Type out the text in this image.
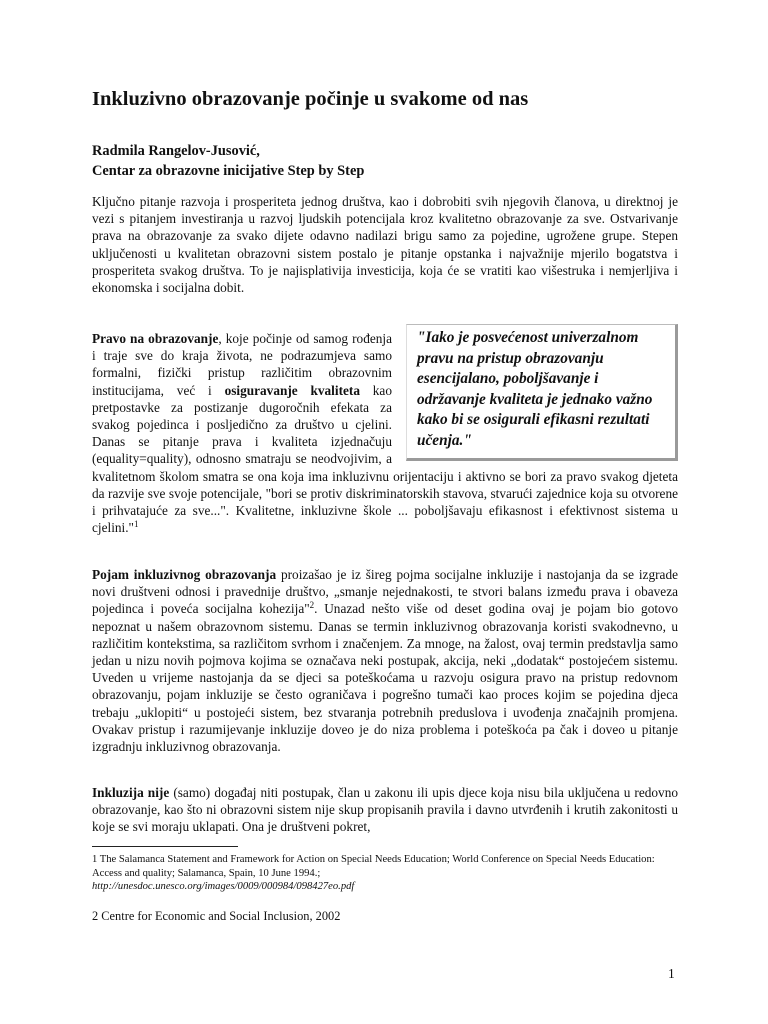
Inkluzivno obrazovanje počinje u svakome od nas
Radmila Rangelov-Jusović,
Centar za obrazovne inicijative Step by Step

Ključno pitanje razvoja i prosperiteta jednog društva, kao i dobrobiti svih njegovih članova, u direktnoj je vezi s pitanjem investiranja u razvoj ljudskih potencijala kroz kvalitetno obrazovanje za sve. Ostvarivanje prava na obrazovanje za svako dijete odavno nadilazi brigu samo za pojedine, ugrožene grupe. Stepen uključenosti u kvalitetan obrazovni sistem postalo je pitanje opstanka i najvažnije mjerilo bogatstva i prosperiteta svakog društva. To je najisplativija investicija, koja će se vratiti kao višestruka i nemjerljiva i ekonomska i socijalna dobit.

"Iako je posvećenost univerzalnom pravu na pristup obrazovanju esencijalano, poboljšavanje i održavanje kvaliteta je jednako važno kako bi se osigurali efikasni rezultati učenja."
Pravo na obrazovanje, koje počinje od samog rođenja i traje sve do kraja života, ne podrazumjeva samo formalni, fizički pristup različitim obrazovnim institucijama, već i osiguravanje kvaliteta kao pretpostavke za postizanje dugoročnih efekata za svakog pojedinca i posljedično za društvo u cjelini. Danas se pitanje prava i kvaliteta izjednačuju (equality=quality), odnosno smatraju se neodvojivim, a kvalitetnom školom smatra se ona koja ima inkluzivnu orijentaciju i aktivno se bori za pravo svakog djeteta da razvije sve svoje potencijale, "bori se protiv diskriminatorskih stavova, stvarući zajednice koja su otvorene i prihvatajuće za sve...". Kvalitetne, inkluzivne škole ... poboljšavaju efikasnost i efektivnost sistema u cjelini."$^1$

Pojam inkluzivnog obrazovanja proizašao je iz šireg pojma socijalne inkluzije i nastojanja da se izgrade novi društveni odnosi i pravednije društvo, „smanje nejednakosti, te stvori balans između prava i obaveza pojedinca i poveća socijalna kohezija"$^2$. Unazad nešto više od deset godina ovaj je pojam bio gotovo nepoznat u našem obrazovnom sistemu. Danas se termin inkluzivnog obrazovanja koristi svakodnevno, u različitim kontekstima, sa različitom svrhom i značenjem. Za mnoge, na žalost, ovaj termin predstavlja samo jedan u nizu novih pojmova kojima se označava neki postupak, akcija, neki „dodatak“ postojećem sistemu. Uveden u vrijeme nastojanja da se djeci sa poteškoćama u razvoju osigura pravo na pristup redovnom obrazovanju, pojam inkluzije se često ograničava i pogrešno tumači kao proces kojim se pojedina djeca trebaju „uklopiti“ u postojeći sistem, bez stvaranja potrebnih preduslova i uvođenja značajnih promjena. Ovakav pristup i razumijevanje inkluzije doveo je do niza problema i poteškoća pa čak i doveo u pitanje izgradnju inkluzivnog obrazovanja.

Inkluzija nije (samo) događaj niti postupak, član u zakonu ili upis djece koja nisu bila uključena u redovno obrazovanje, kao što ni obrazovni sistem nije skup propisanih pravila i davno utvrđenih i krutih zakonitosti u koje se svi moraju uklapati. Ona je društveni pokret,

1 The Salamanca Statement and Framework for Action on Special Needs Education; World Conference on Special Needs Education: Access and quality; Salamanca, Spain, 10 June 1994.;
http://unesdoc.unesco.org/images/0009/000984/098427eo.pdf

2 Centre for Economic and Social Inclusion, 2002

1
